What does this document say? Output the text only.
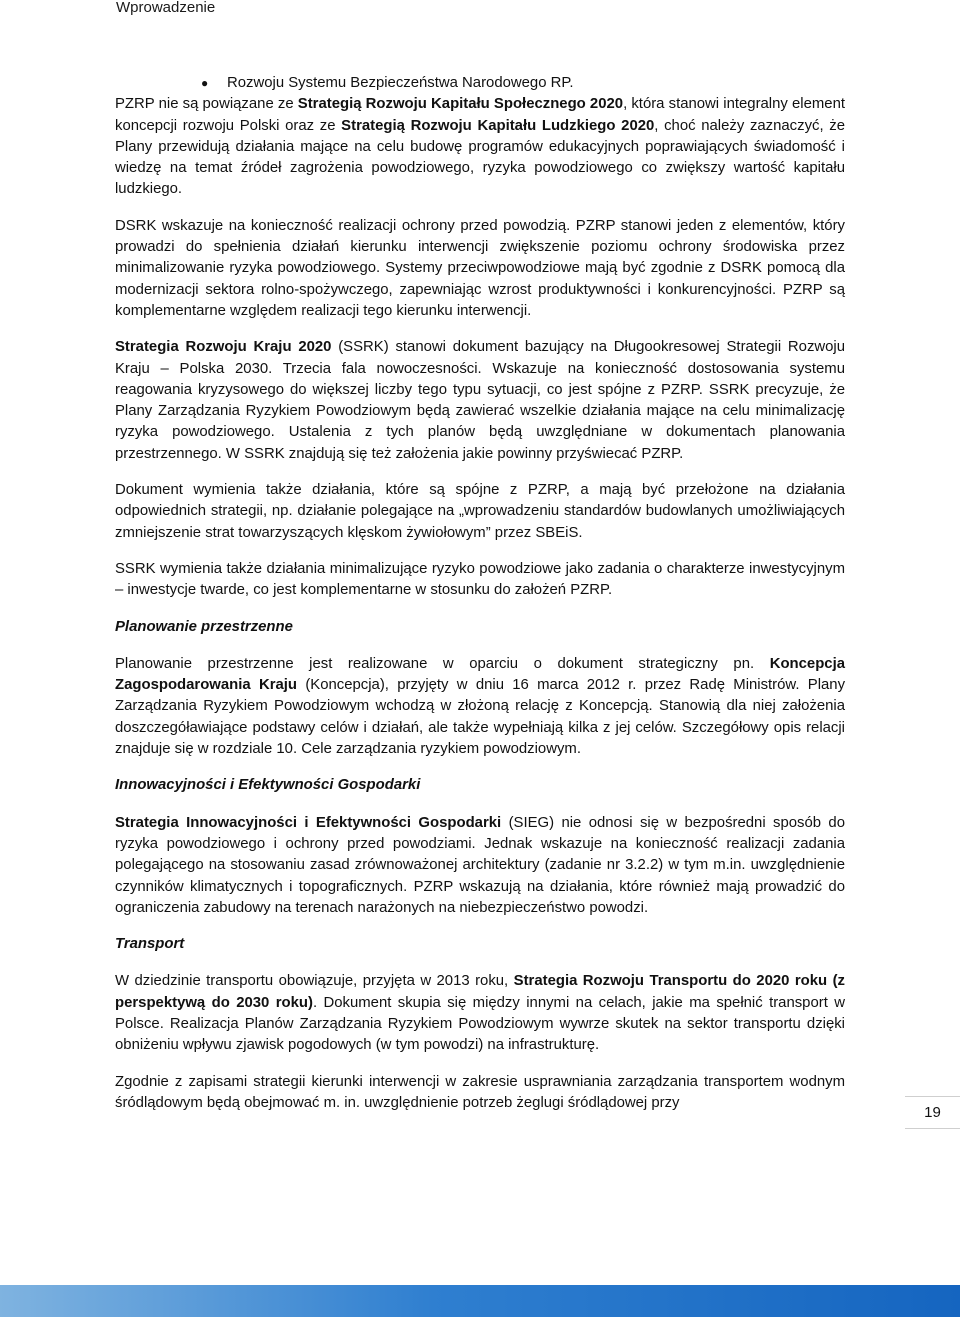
Wprowadzenie

● Rozwoju Systemu Bezpieczeństwa Narodowego RP.

PZRP nie są powiązane ze Strategią Rozwoju Kapitału Społecznego 2020, która stanowi integralny element koncepcji rozwoju Polski oraz ze Strategią Rozwoju Kapitału Ludzkiego 2020, choć należy zaznaczyć, że Plany przewidują działania mające na celu budowę programów edukacyjnych poprawiających świadomość i wiedzę na temat źródeł zagrożenia powodziowego, ryzyka powodziowego co zwiększy wartość kapitału ludzkiego.

DSRK wskazuje na konieczność realizacji ochrony przed powodzią. PZRP stanowi jeden z elementów, który prowadzi do spełnienia działań kierunku interwencji zwiększenie poziomu ochrony środowiska przez minimalizowanie ryzyka powodziowego. Systemy przeciwpowodziowe mają być zgodnie z DSRK pomocą dla modernizacji sektora rolno-spożywczego, zapewniając wzrost produktywności i konkurencyjności. PZRP są komplementarne względem realizacji tego kierunku interwencji.

Strategia Rozwoju Kraju 2020 (SSRK) stanowi dokument bazujący na Długookresowej Strategii Rozwoju Kraju – Polska 2030. Trzecia fala nowoczesności. Wskazuje na konieczność dostosowania systemu reagowania kryzysowego do większej liczby tego typu sytuacji, co jest spójne z PZRP. SSRK precyzuje, że Plany Zarządzania Ryzykiem Powodziowym będą zawierać wszelkie działania mające na celu minimalizację ryzyka powodziowego. Ustalenia z tych planów będą uwzględniane w dokumentach planowania przestrzennego. W SSRK znajdują się też założenia jakie powinny przyświecać PZRP.

Dokument wymienia także działania, które są spójne z PZRP, a mają być przełożone na działania odpowiednich strategii, np. działanie polegające na „wprowadzeniu standardów budowlanych umożliwiających zmniejszenie strat towarzyszących klęskom żywiołowym” przez SBEiS.

SSRK wymienia także działania minimalizujące ryzyko powodziowe jako zadania o charakterze inwestycyjnym – inwestycje twarde, co jest komplementarne w stosunku do założeń PZRP.

Planowanie przestrzenne

Planowanie przestrzenne jest realizowane w oparciu o dokument strategiczny pn. Koncepcja Zagospodarowania Kraju (Koncepcja), przyjęty w dniu 16 marca 2012 r. przez Radę Ministrów. Plany Zarządzania Ryzykiem Powodziowym wchodzą w złożoną relację z Koncepcją. Stanowią dla niej założenia doszczegóławiające podstawy celów i działań, ale także wypełniają kilka z jej celów. Szczegółowy opis relacji znajduje się w rozdziale 10. Cele zarządzania ryzykiem powodziowym.

Innowacyjności i Efektywności Gospodarki

Strategia Innowacyjności i Efektywności Gospodarki (SIEG) nie odnosi się w bezpośredni sposób do ryzyka powodziowego i ochrony przed powodziami. Jednak wskazuje na konieczność realizacji zadania polegającego na stosowaniu zasad zrównoważonej architektury (zadanie nr 3.2.2) w tym m.in. uwzględnienie czynników klimatycznych i topograficznych. PZRP wskazują na działania, które również mają prowadzić do ograniczenia zabudowy na terenach narażonych na niebezpieczeństwo powodzi.

Transport

W dziedzinie transportu obowiązuje, przyjęta w 2013 roku, Strategia Rozwoju Transportu do 2020 roku (z perspektywą do 2030 roku). Dokument skupia się między innymi na celach, jakie ma spełnić transport w Polsce. Realizacja Planów Zarządzania Ryzykiem Powodziowym wywrze skutek na sektor transportu dzięki obniżeniu wpływu zjawisk pogodowych (w tym powodzi) na infrastrukturę.

Zgodnie z zapisami strategii kierunki interwencji w zakresie usprawniania zarządzania transportem wodnym śródlądowym będą obejmować m. in. uwzględnienie potrzeb żeglugi śródlądowej przy

19
